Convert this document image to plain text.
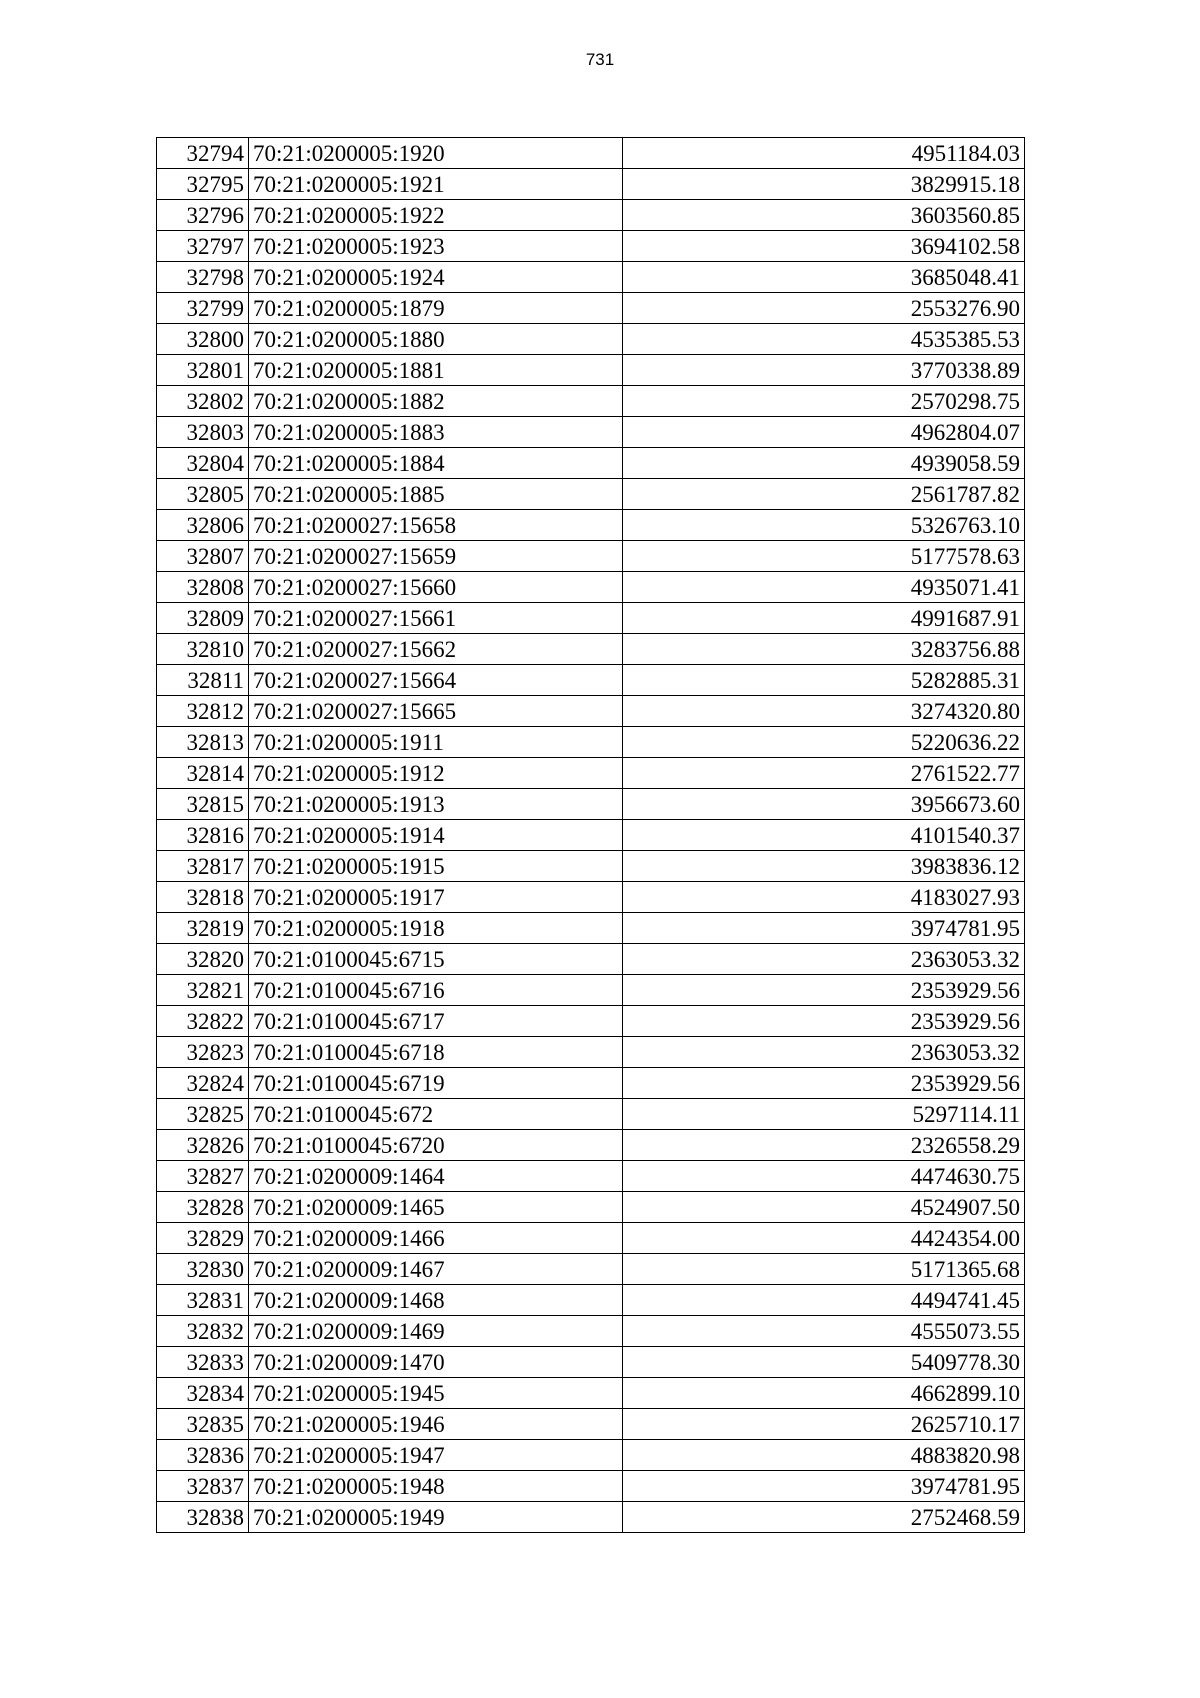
731
32794	70:21:0200005:1920	4951184.03
32795	70:21:0200005:1921	3829915.18
32796	70:21:0200005:1922	3603560.85
32797	70:21:0200005:1923	3694102.58
32798	70:21:0200005:1924	3685048.41
32799	70:21:0200005:1879	2553276.90
32800	70:21:0200005:1880	4535385.53
32801	70:21:0200005:1881	3770338.89
32802	70:21:0200005:1882	2570298.75
32803	70:21:0200005:1883	4962804.07
32804	70:21:0200005:1884	4939058.59
32805	70:21:0200005:1885	2561787.82
32806	70:21:0200027:15658	5326763.10
32807	70:21:0200027:15659	5177578.63
32808	70:21:0200027:15660	4935071.41
32809	70:21:0200027:15661	4991687.91
32810	70:21:0200027:15662	3283756.88
32811	70:21:0200027:15664	5282885.31
32812	70:21:0200027:15665	3274320.80
32813	70:21:0200005:1911	5220636.22
32814	70:21:0200005:1912	2761522.77
32815	70:21:0200005:1913	3956673.60
32816	70:21:0200005:1914	4101540.37
32817	70:21:0200005:1915	3983836.12
32818	70:21:0200005:1917	4183027.93
32819	70:21:0200005:1918	3974781.95
32820	70:21:0100045:6715	2363053.32
32821	70:21:0100045:6716	2353929.56
32822	70:21:0100045:6717	2353929.56
32823	70:21:0100045:6718	2363053.32
32824	70:21:0100045:6719	2353929.56
32825	70:21:0100045:672	5297114.11
32826	70:21:0100045:6720	2326558.29
32827	70:21:0200009:1464	4474630.75
32828	70:21:0200009:1465	4524907.50
32829	70:21:0200009:1466	4424354.00
32830	70:21:0200009:1467	5171365.68
32831	70:21:0200009:1468	4494741.45
32832	70:21:0200009:1469	4555073.55
32833	70:21:0200009:1470	5409778.30
32834	70:21:0200005:1945	4662899.10
32835	70:21:0200005:1946	2625710.17
32836	70:21:0200005:1947	4883820.98
32837	70:21:0200005:1948	3974781.95
32838	70:21:0200005:1949	2752468.59
